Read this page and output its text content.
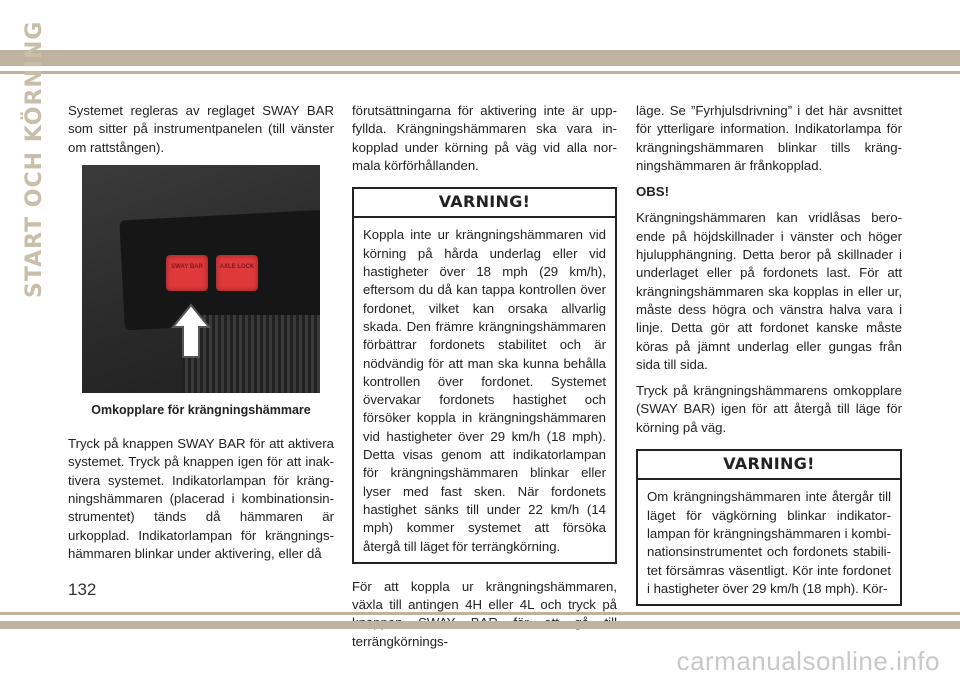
START OCH KÖRNING Systemet regleras av reglaget SWAY BAR som sitter på instrumentpanelen (till vänster om rattstången).

SWAY BAR	AXLE LOCK
Omkopplare för krängningshämmare

Tryck på knappen SWAY BAR för att aktivera systemet. Tryck på knappen igen för att inaktivera systemet. Indikatorlampan för krängningshämmaren (placerad i kombinationsinstrumentet) tänds då hämmaren är urkopplad. Indikatorlampan för krängningshämmaren blinkar under aktivering, eller då

förutsättningarna för aktivering inte är uppfyllda. Krängningshämmaren ska vara inkopplad under körning på väg vid alla normala körförhållanden.

VARNING!
Koppla inte ur krängningshämmaren vid körning på hårda underlag eller vid hastigheter över 18 mph (29 km/h), eftersom du då kan tappa kontrollen över fordonet, vilket kan orsaka allvarlig skada. Den främre krängningshämmaren förbättrar fordonets stabilitet och är nödvändig för att man ska kunna behålla kontrollen över fordonet. Systemet övervakar fordonets hastighet och försöker koppla in krängningshämmaren vid hastigheter över 29 km/h (18 mph). Detta visas genom att indikatorlampan för krängningshämmaren blinkar eller lyser med fast sken. När fordonets hastighet sänks till under 22 km/h (14 mph) kommer systemet att försöka återgå till läget för terrängkörning.

För att koppla ur krängningshämmaren, växla till antingen 4H eller 4L och tryck på terrängkörnings-

läge. Se ”Fyrhjulsdrivning” i det här avsnittet för ytterligare information. Indikatorlampa för krängningshämmaren blinkar tills krängningshämmaren är frånkopplad.

OBS!

Krängningshämmaren kan vridlåsas beroende på höjdskillnader i vänster och höger hjulupphängning. Detta beror på skillnader i underlaget eller på fordonets last. För att krängningshämmaren ska kopplas in eller ur, måste dess högra och vänstra halva vara i linje. Detta gör att fordonet kanske måste köras på jämnt underlag eller gungas från sida till sida.

Tryck på krängningshämmarens omkopplare (SWAY BAR) igen för att återgå till läge för körning på väg.

VARNING!
Om krängningshämmaren inte återgår till läget för vägkörning blinkar indikatorlampan för krängningshämmaren i kombinationsinstrumentet och fordonets stabilitet försämras väsentligt. Kör inte fordonet i hastigheter över 29 km/h (18 mph). Kör-
132
carmanualsonline.info
